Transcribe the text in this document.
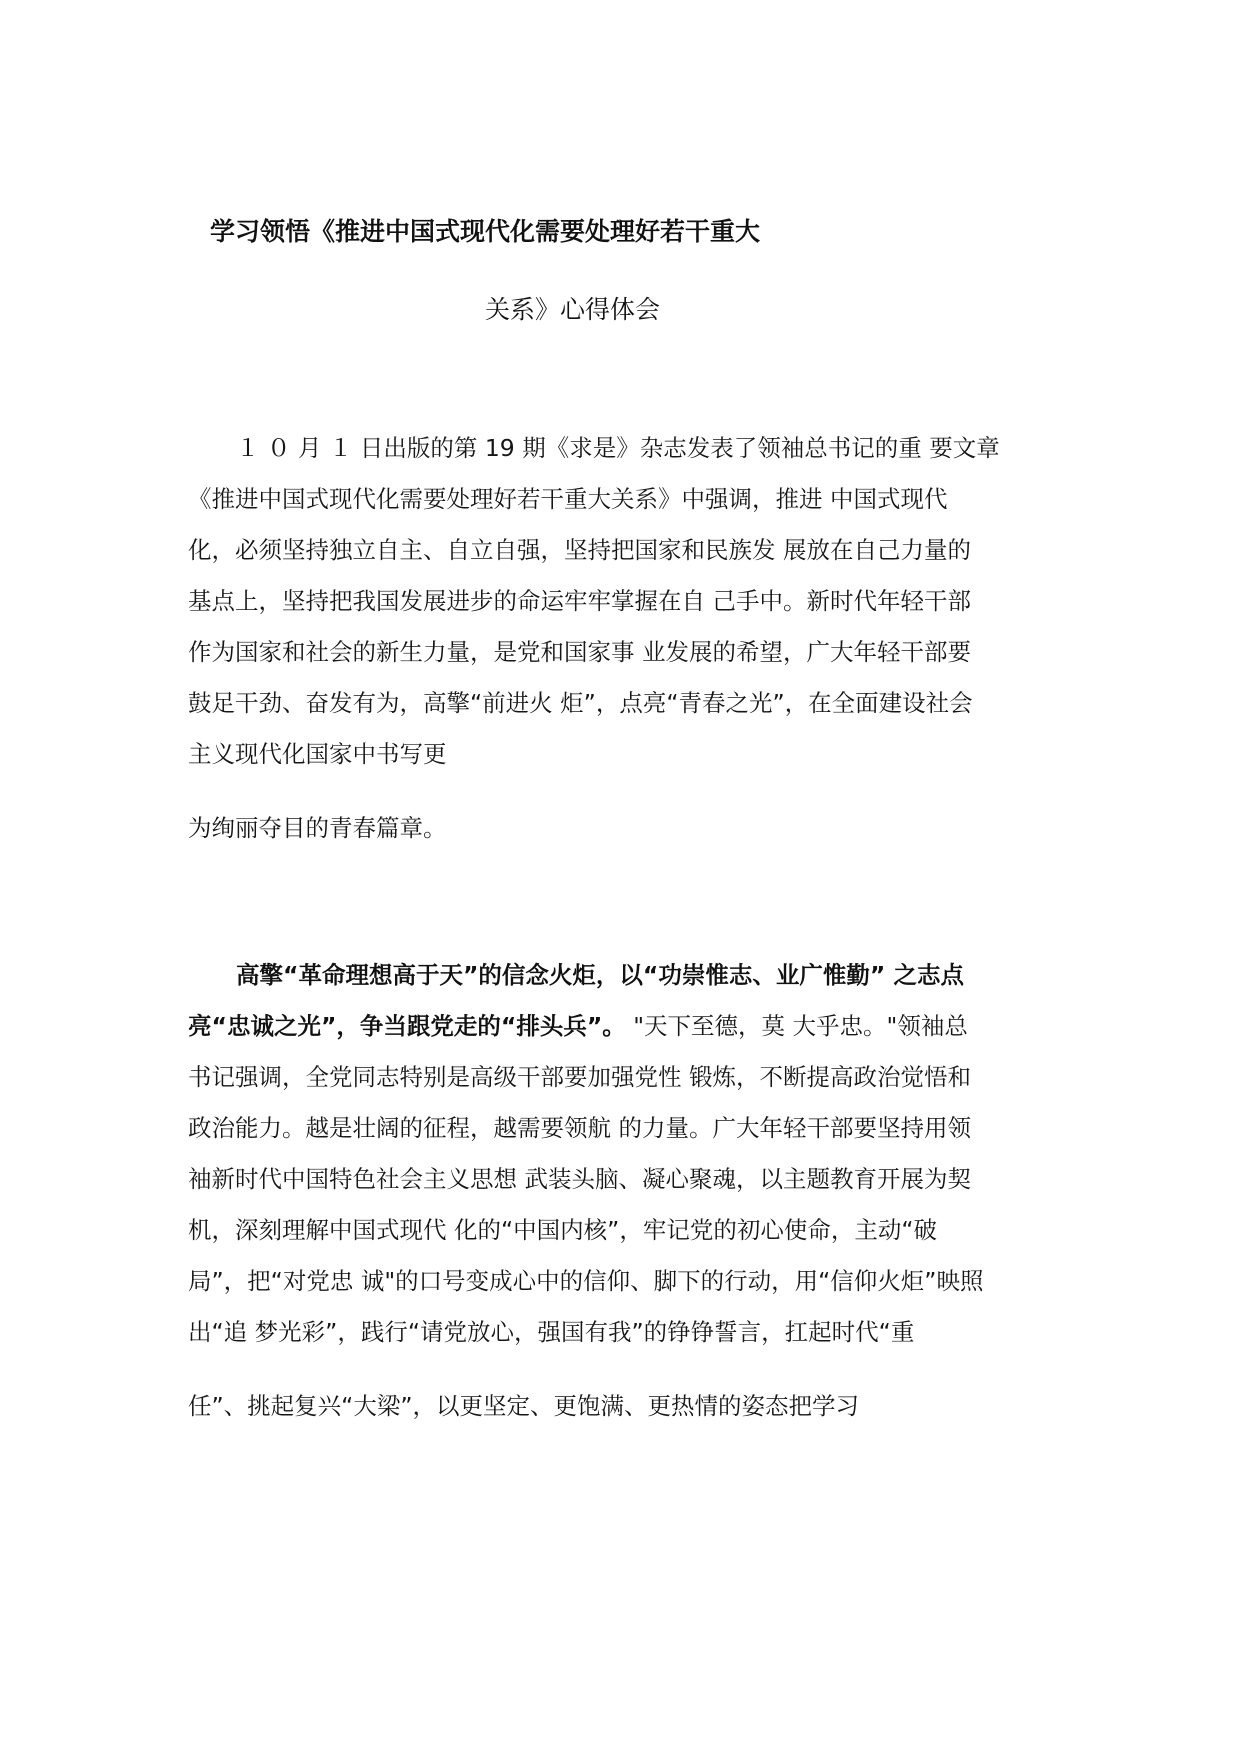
学习领悟《推进中国式现代化需要处理好若干重大
关系》心得体会
１ ０ 月 １ 日出版的第 19 期《求是》杂志发表了领袖总书记的重 要文章
《推进中国式现代化需要处理好若干重大关系》中强调，推进 中国式现代
化，必须坚持独立自主、自立自强，坚持把国家和民族发 展放在自己力量的
基点上，坚持把我国发展进步的命运牢牢掌握在自 己手中。新时代年轻干部
作为国家和社会的新生力量，是党和国家事 业发展的希望，广大年轻干部要
鼓足干劲、奋发有为，高擎“前进火 炬”，点亮“青春之光”，在全面建设社会
主义现代化国家中书写更
为绚丽夺目的青春篇章。
高擎“革命理想高于天”的信念火炬，以“功崇惟志、业广惟勤” 之志点
亮“忠诚之光”，争当跟党走的“排头兵”。 "天下至德，莫 大乎忠。"领袖总
书记强调，全党同志特别是高级干部要加强党性 锻炼，不断提高政治觉悟和
政治能力。越是壮阔的征程，越需要领航 的力量。广大年轻干部要坚持用领
袖新时代中国特色社会主义思想 武装头脑、凝心聚魂，以主题教育开展为契
机，深刻理解中国式现代 化的“中国内核”，牢记党的初心使命，主动“破
局”，把“对党忠 诚"的口号变成心中的信仰、脚下的行动，用“信仰火炬”映照
出“追 梦光彩”，践行“请党放心，强国有我”的铮铮誓言，扛起时代“重
任”、挑起复兴“大梁”，以更坚定、更饱满、更热情的姿态把学习
